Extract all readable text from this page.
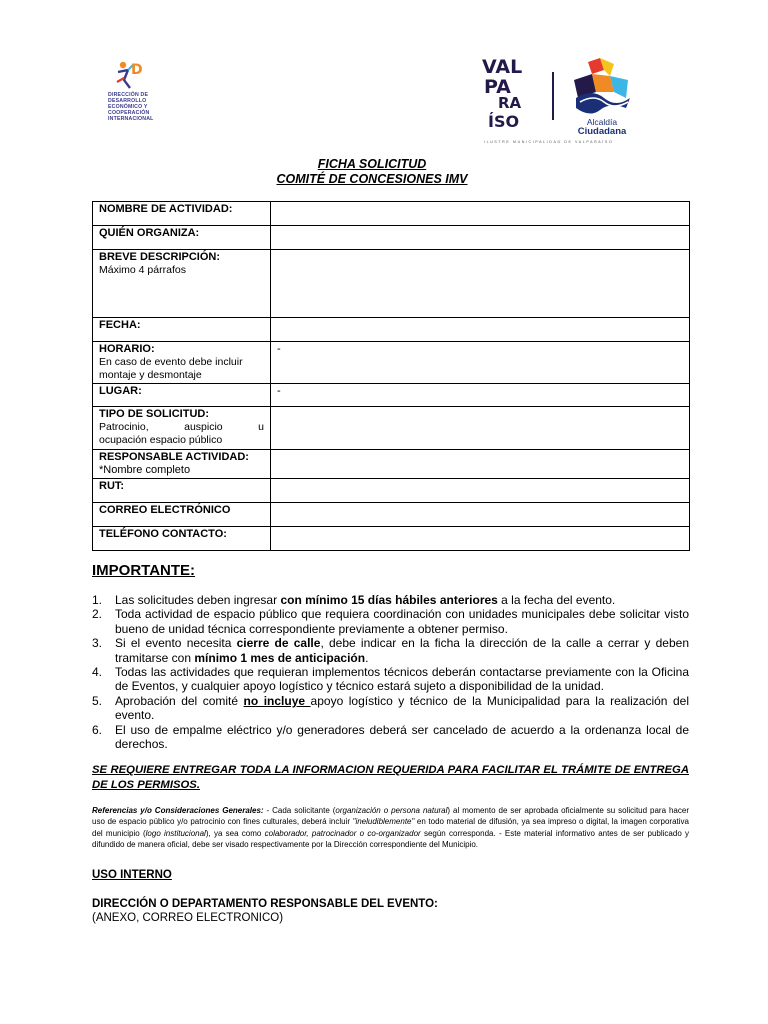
D
DIRECCIÓN DE
DESARROLLO
ECONÓMICO Y
COOPERACIÓN
INTERNACIONAL
VAL
PA
RA
ÍSO	Alcaldía
Ciudadana
ILUSTRE MUNICIPALIDAD DE VALPARAÍSO
FICHA SOLICITUD
COMITÉ DE CONCESIONES IMV
NOMBRE DE ACTIVIDAD:	

QUIÉN ORGANIZA:	

BREVE DESCRIPCIÓN:
Máximo 4 párrafos	

FECHA:	

HORARIO:
En caso de evento debe incluir montaje y desmontaje	-

LUGAR:	-

TIPO DE SOLICITUD:
Patrocinio, auspicio u
ocupación espacio público	

RESPONSABLE ACTIVIDAD:
*Nombre completo	

RUT:	

CORREO ELECTRÓNICO	

TELÉFONO CONTACTO:	

IMPORTANTE:
1. Las solicitudes deben ingresar con mínimo 15 días hábiles anteriores a la fecha del evento.
2. Toda actividad de espacio público que requiera coordinación con unidades municipales debe solicitar visto bueno de unidad técnica correspondiente previamente a obtener permiso.
3. Si el evento necesita cierre de calle, debe indicar en la ficha la dirección de la calle a cerrar y deben tramitarse con mínimo 1 mes de anticipación.
4. Todas las actividades que requieran implementos técnicos deberán contactarse previamente con la Oficina de Eventos, y cualquier apoyo logístico y técnico estará sujeto a disponibilidad de la unidad.
5. Aprobación del comité no incluye apoyo logístico y técnico de la Municipalidad para la realización del evento.
6. El uso de empalme eléctrico y/o generadores deberá ser cancelado de acuerdo a la ordenanza local de derechos.
SE REQUIERE ENTREGAR TODA LA INFORMACION REQUERIDA PARA FACILITAR EL TRÁMITE DE ENTREGA DE LOS PERMISOS.
Referencias y/o Consideraciones Generales: - Cada solicitante (organización o persona natural) al momento de ser aprobada oficialmente su solicitud para hacer uso de espacio público y/o patrocinio con fines culturales, deberá incluir "ineludiblemente" en todo material de difusión, ya sea impreso o digital, la imagen corporativa del municipio (logo institucional), ya sea como colaborador, patrocinador o co-organizador según corresponda. - Este material informativo antes de ser publicado y difundido de manera oficial, debe ser visado respectivamente por la Dirección correspondiente del Municipio.
USO INTERNO
DIRECCIÓN O DEPARTAMENTO RESPONSABLE DEL EVENTO:
(ANEXO, CORREO ELECTRONICO)
